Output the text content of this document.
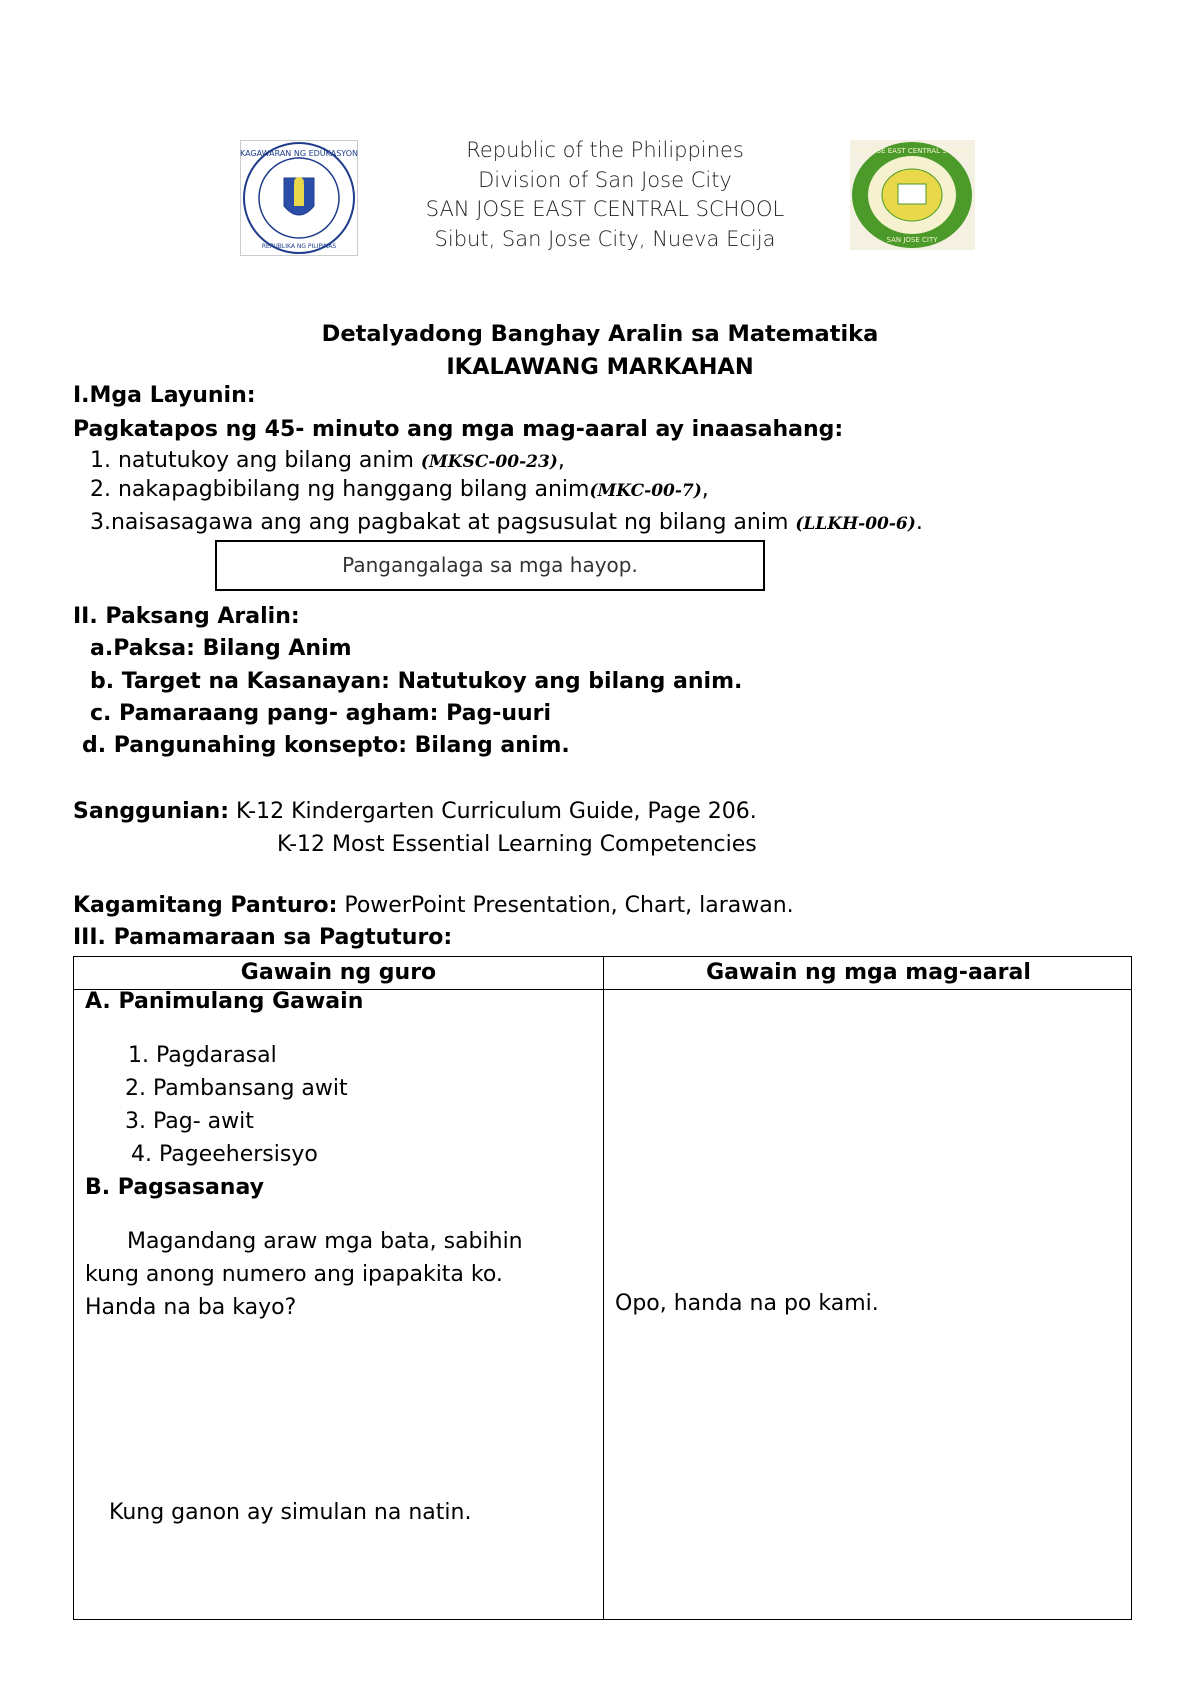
KAGAWARAN NG EDUKASYON
REPUBLIKA NG PILIPINAS
Republic of the Philippines
Division of San Jose City
SAN JOSE EAST CENTRAL SCHOOL
Sibut, San Jose City, Nueva Ecija
SAN JOSE EAST CENTRAL SCHOOL
SAN JOSE CITY
Detalyadong Banghay Aralin sa Matematika
IKALAWANG MARKAHAN
I.Mga Layunin:
Pagkatapos ng 45- minuto ang mga mag-aaral ay inaasahang:
1. natutukoy ang bilang anim (MKSC-00-23),
2. nakapagbibilang ng hanggang bilang anim(MKC-00-7),
3.naisasagawa ang ang pagbakat at pagsusulat ng bilang anim (LLKH-00-6).
Pangangalaga sa mga hayop.
II. Paksang Aralin:
a.Paksa: Bilang Anim
b. Target na Kasanayan: Natutukoy ang bilang anim.
c. Pamaraang pang- agham: Pag-uuri
d. Pangunahing konsepto: Bilang anim.
Sanggunian: K-12 Kindergarten Curriculum Guide, Page 206.
K-12 Most Essential Learning Competencies
Kagamitang Panturo: PowerPoint Presentation, Chart, larawan.
III. Pamamaraan sa Pagtuturo:
Gawain ng guro	Gawain ng mga mag-aaral
A. Panimulang Gawain
1. Pagdarasal
2. Pambansang awit
3. Pag- awit
4. Pageehersisyo
B. Pagsasanay
Magandang araw mga bata, sabihin
kung anong numero ang ipapakita ko.
Handa na ba kayo?	Opo, handa na po kami.
Kung ganon ay simulan na natin.
